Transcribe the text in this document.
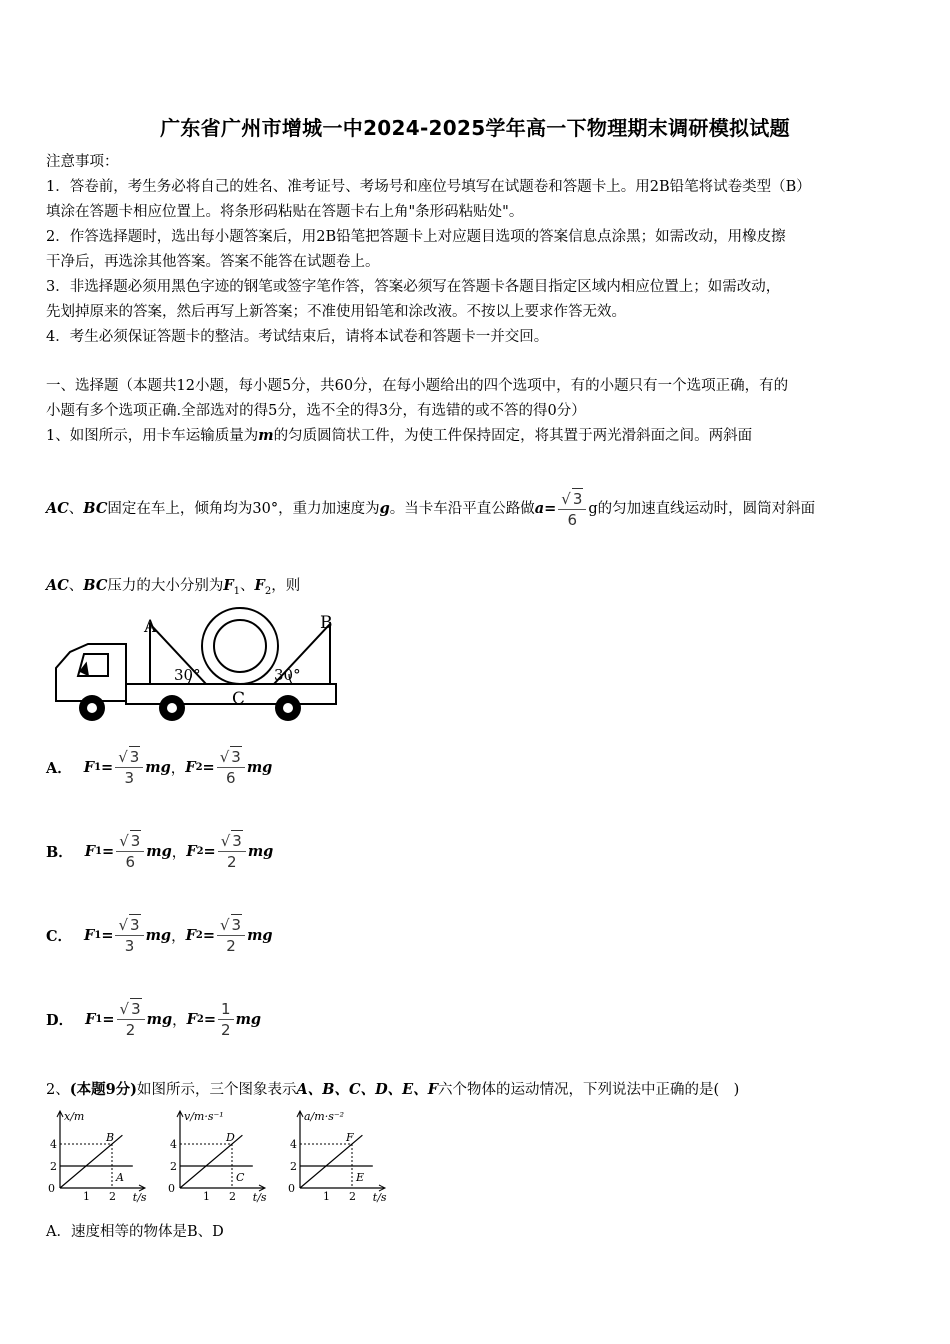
广东省广州市增城一中2024-2025学年高一下物理期末调研模拟试题
注意事项：
1．答卷前，考生务必将自己的姓名、准考证号、考场号和座位号填写在试题卷和答题卡上。用2B铅笔将试卷类型（B）
填涂在答题卡相应位置上。将条形码粘贴在答题卡右上角"条形码粘贴处"。
2．作答选择题时，选出每小题答案后，用2B铅笔把答题卡上对应题目选项的答案信息点涂黑；如需改动，用橡皮擦
干净后，再选涂其他答案。答案不能答在试题卷上。
3．非选择题必须用黑色字迹的钢笔或签字笔作答，答案必须写在答题卡各题目指定区域内相应位置上；如需改动，
先划掉原来的答案，然后再写上新答案；不准使用铅笔和涂改液。不按以上要求作答无效。
4．考生必须保证答题卡的整洁。考试结束后，请将本试卷和答题卡一并交回。
一、选择题（本题共12小题，每小题5分，共60分，在每小题给出的四个选项中，有的小题只有一个选项正确，有的
小题有多个选项正确.全部选对的得5分，选不全的得3分，有选错的或不答的得0分）
1、如图所示，用卡车运输质量为m的匀质圆筒状工件，为使工件保持固定，将其置于两光滑斜面之间。两斜面
AC 、 BC 固定在车上，倾角均为30°，重力加速度为 g 。当卡车沿平直公路做 $a= \frac{√ 3}{6}$ g的匀加速直线运动时，圆筒对斜面
AC、BC压力的大小分别为$F_1$、$F_2$，则
A	B
C
30°	30°
A． F $1 = \frac{√ 3}{3}$ mg ， F $2 = \frac{√ 3}{6}$ mg
B． F $1 = \frac{√ 3}{6}$ mg ， F $2 = \frac{√ 3}{2}$ mg
C． F $1 = \frac{√ 3}{3}$ mg ， F $2 = \frac{√ 3}{2}$ mg
D． F $1 = \frac{√ 3}{2}$ mg ， F $2 = \frac{1}{2}$ mg
2、(本题9分)如图所示，三个图象表示A、B、C、D、E、F六个物体的运动情况，下列说法中正确的是(　)
4
2
0
1 2 t/s
x/m
B
A
4
2
0
1 2 t/s
v/m·s⁻¹
D
C
4
2
0
1 2 t/s
a/m·s⁻²
F
E
A．速度相等的物体是B、D
